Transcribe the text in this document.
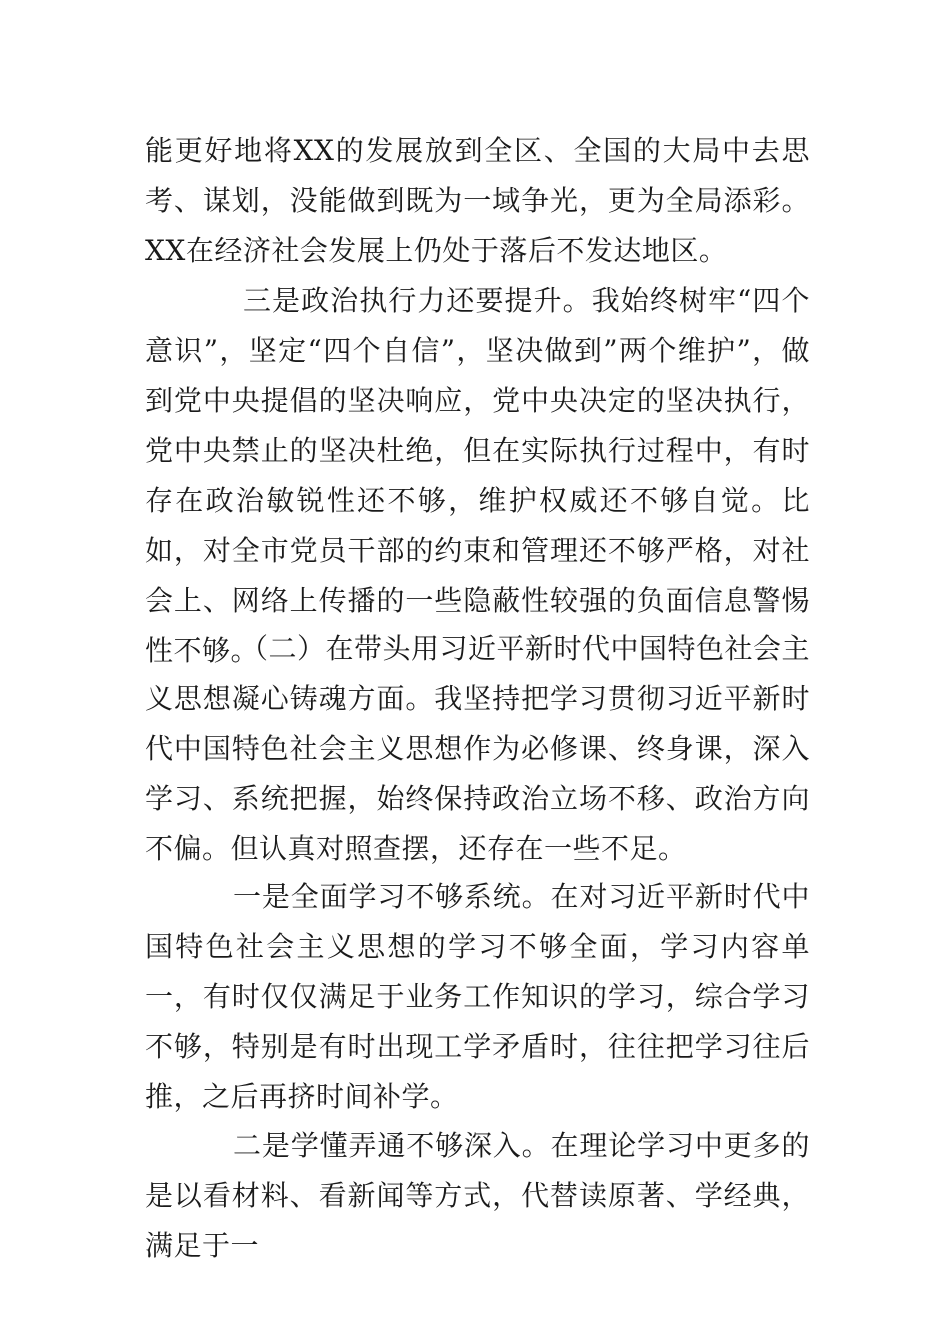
能更好地将XX的发展放到全区、全国的大局中去思考、谋划，没能做到既为一域争光，更为全局添彩。XX在经济社会发展上仍处于落后不发达地区。

三是政治执行力还要提升。我始终树牢“四个意识”，坚定“四个自信”，坚决做到”两个维护”，做到党中央提倡的坚决响应，党中央决定的坚决执行，党中央禁止的坚决杜绝，但在实际执行过程中，有时存在政治敏锐性还不够，维护权威还不够自觉。比如，对全市党员干部的约束和管理还不够严格，对社会上、网络上传播的一些隐蔽性较强的负面信息警惕性不够。

（二）在带头用习近平新时代中国特色社会主义思想凝心铸魂方面。我坚持把学习贯彻习近平新时代中国特色社会主义思想作为必修课、终身课，深入学习、系统把握，始终保持政治立场不移、政治方向不偏。但认真对照查摆，还存在一些不足。

一是全面学习不够系统。在对习近平新时代中国特色社会主义思想的学习不够全面，学习内容单一，有时仅仅满足于业务工作知识的学习，综合学习不够，特别是有时出现工学矛盾时，往往把学习往后推，之后再挤时间补学。

二是学懂弄通不够深入。在理论学习中更多的是以看材料、看新闻等方式，代替读原著、学经典，满足于一
